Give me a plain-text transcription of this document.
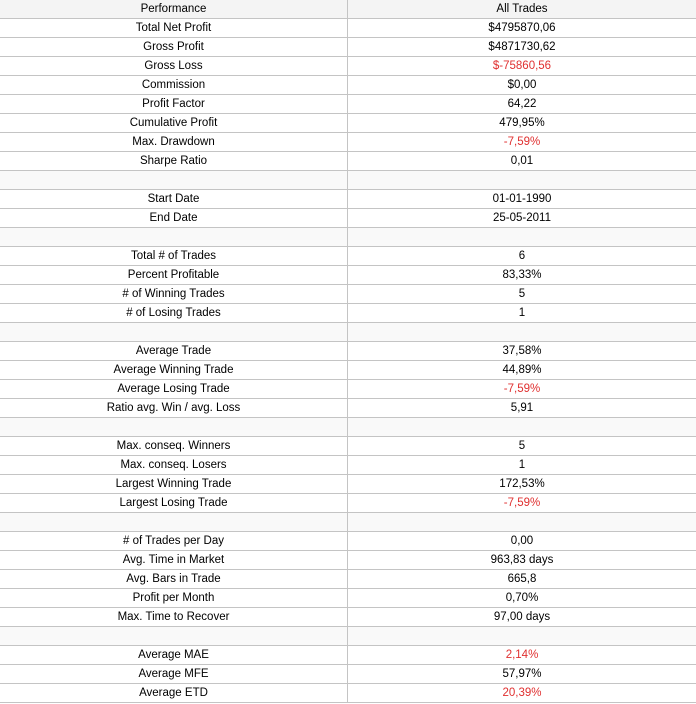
Performance	All Trades
Total Net Profit	$4795870,06
Gross Profit	$4871730,62
Gross Loss	$-75860,56
Commission	$0,00
Profit Factor	64,22
Cumulative Profit	479,95%
Max. Drawdown	-7,59%
Sharpe Ratio	0,01
Start Date	01-01-1990
End Date	25-05-2011
Total # of Trades	6
Percent Profitable	83,33%
# of Winning Trades	5
# of Losing Trades	1
Average Trade	37,58%
Average Winning Trade	44,89%
Average Losing Trade	-7,59%
Ratio avg. Win / avg. Loss	5,91
Max. conseq. Winners	5
Max. conseq. Losers	1
Largest Winning Trade	172,53%
Largest Losing Trade	-7,59%
# of Trades per Day	0,00
Avg. Time in Market	963,83 days
Avg. Bars in Trade	665,8
Profit per Month	0,70%
Max. Time to Recover	97,00 days
Average MAE	2,14%
Average MFE	57,97%
Average ETD	20,39%
